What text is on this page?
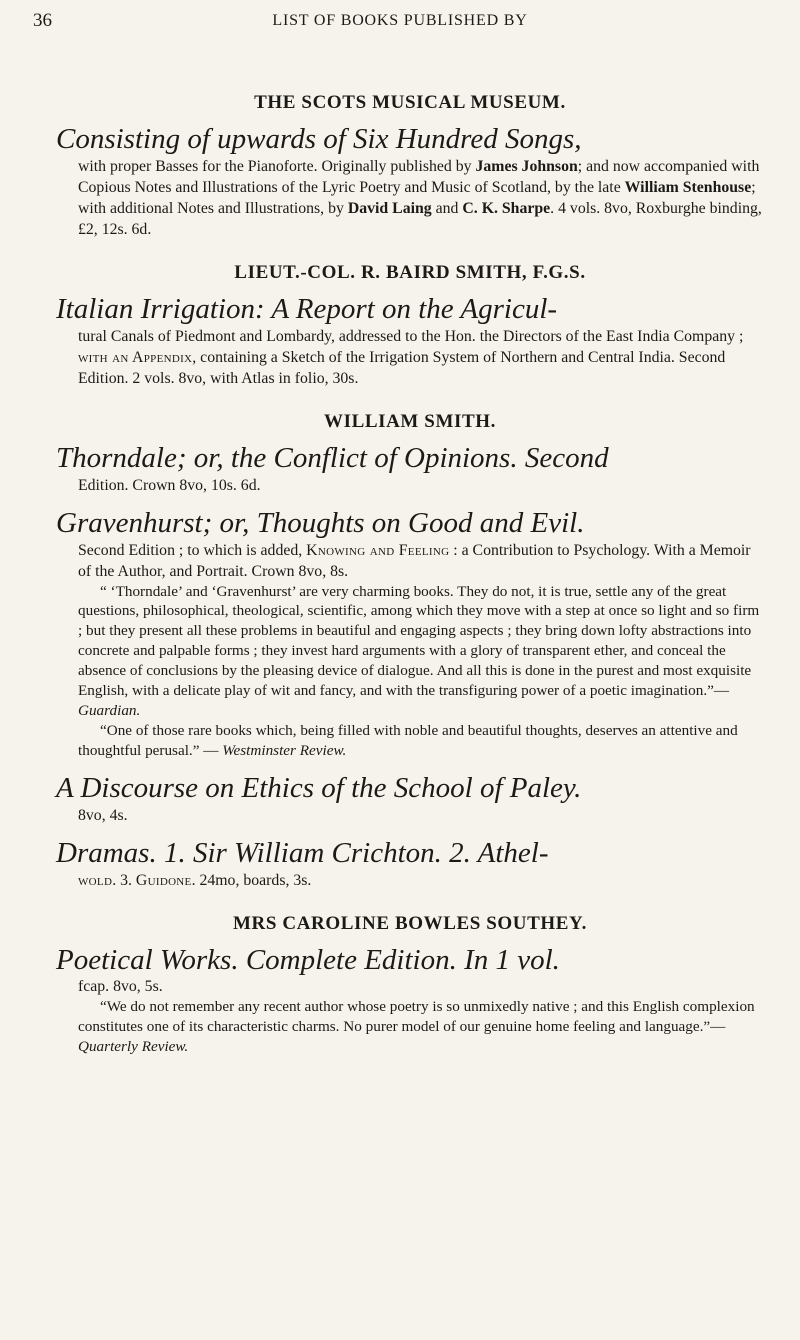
36	LIST OF BOOKS PUBLISHED BY
THE SCOTS MUSICAL MUSEUM.

Consisting of upwards of Six Hundred Songs,

with proper Basses for the Pianoforte. Originally published by James Johnson; and now accompanied with Copious Notes and Illustrations of the Lyric Poetry and Music of Scotland, by the late William Stenhouse; with additional Notes and Illustrations, by David Laing and C. K. Sharpe. 4 vols. 8vo, Roxburghe binding, £2, 12s. 6d.

LIEUT.-COL. R. BAIRD SMITH, F.G.S.

Italian Irrigation: A Report on the Agricul-

tural Canals of Piedmont and Lombardy, addressed to the Hon. the Directors of the East India Company ; with an Appendix, containing a Sketch of the Irrigation System of Northern and Central India. Second Edition. 2 vols. 8vo, with Atlas in folio, 30s.

WILLIAM SMITH.

Thorndale; or, the Conflict of Opinions. Second

Edition. Crown 8vo, 10s. 6d.

Gravenhurst; or, Thoughts on Good and Evil.

Second Edition ; to which is added, Knowing and Feeling : a Contribution to Psychology. With a Memoir of the Author, and Portrait. Crown 8vo, 8s.

“ ‘Thorndale’ and ‘Gravenhurst’ are very charming books. They do not, it is true, settle any of the great questions, philosophical, theological, scientific, among which they move with a step at once so light and so firm ; but they present all these problems in beautiful and engaging aspects ; they bring down lofty abstractions into concrete and palpable forms ; they invest hard arguments with a glory of transparent ether, and conceal the absence of conclusions by the pleasing device of dialogue. And all this is done in the purest and most exquisite English, with a delicate play of wit and fancy, and with the transfiguring power of a poetic imagination.”—Guardian.

“One of those rare books which, being filled with noble and beautiful thoughts, deserves an attentive and thoughtful perusal.” — Westminster Review.

A Discourse on Ethics of the School of Paley.

8vo, 4s.

Dramas. 1. Sir William Crichton. 2. Athel-

wold. 3. Guidone. 24mo, boards, 3s.

MRS CAROLINE BOWLES SOUTHEY.

Poetical Works. Complete Edition. In 1 vol.

fcap. 8vo, 5s.

“We do not remember any recent author whose poetry is so unmixedly native ; and this English complexion constitutes one of its characteristic charms. No purer model of our genuine home feeling and language.”— Quarterly Review.
